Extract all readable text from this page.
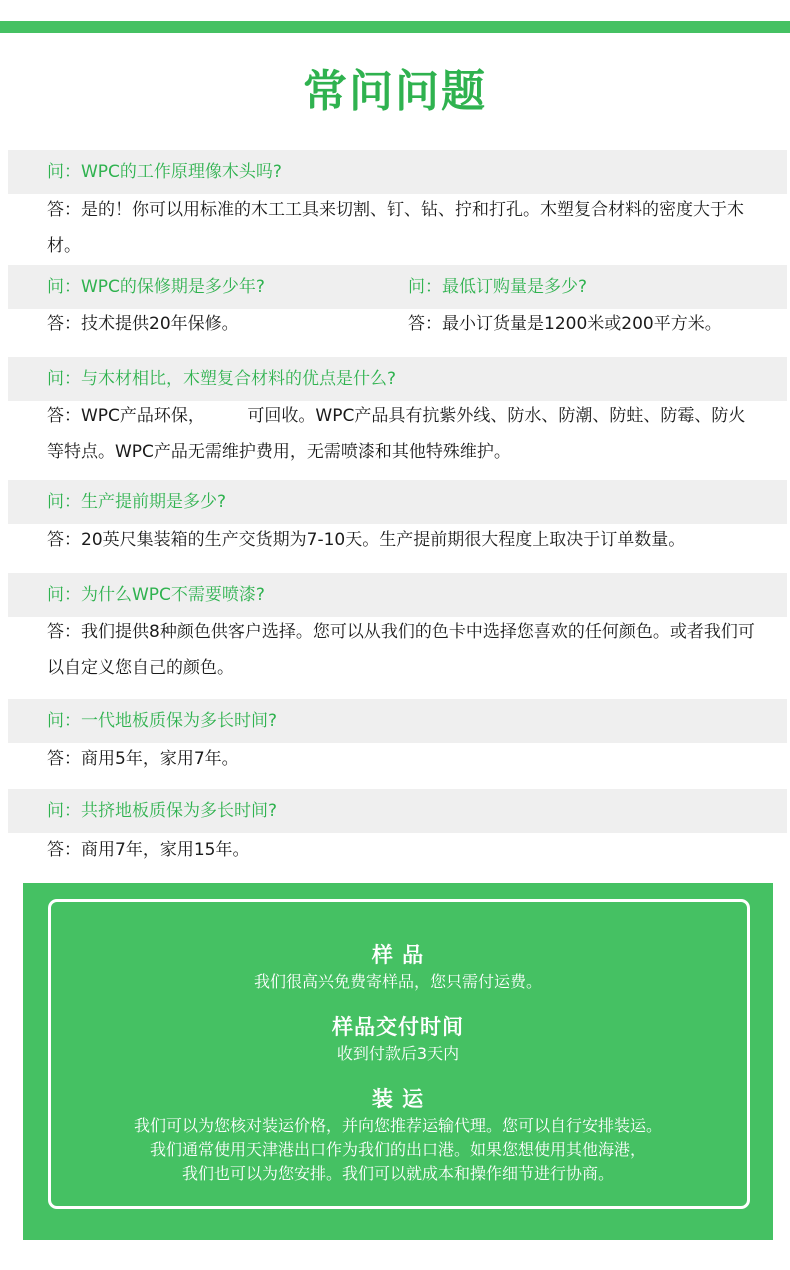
常问问题
问：WPC的工作原理像木头吗?
答：是的！你可以用标准的木工工具来切割、钉、钻、拧和打孔。木塑复合材料的密度大于木材。
问：WPC的保修期是多少年?	问：最低订购量是多少?
答：技术提供20年保修。	答：最小订货量是1200米或200平方米。
问：与木材相比，木塑复合材料的优点是什么?
答：WPC产品环保，　　　可回收。WPC产品具有抗紫外线、防水、防潮、防蛀、防霉、防火等特点。WPC产品无需维护费用，无需喷漆和其他特殊维护。
问：生产提前期是多少?
答：20英尺集装箱的生产交货期为7-10天。生产提前期很大程度上取决于订单数量。
问：为什么WPC不需要喷漆?
答：我们提供8种颜色供客户选择。您可以从我们的色卡中选择您喜欢的任何颜色。或者我们可以自定义您自己的颜色。
问：一代地板质保为多长时间?
答：商用5年，家用7年。
问：共挤地板质保为多长时间?
答：商用7年，家用15年。
样 品
我们很高兴免费寄样品，您只需付运费。
样品交付时间
收到付款后3天内
装 运
我们可以为您核对装运价格，并向您推荐运输代理。您可以自行安排装运。
我们通常使用天津港出口作为我们的出口港。如果您想使用其他海港，
我们也可以为您安排。我们可以就成本和操作细节进行协商。
